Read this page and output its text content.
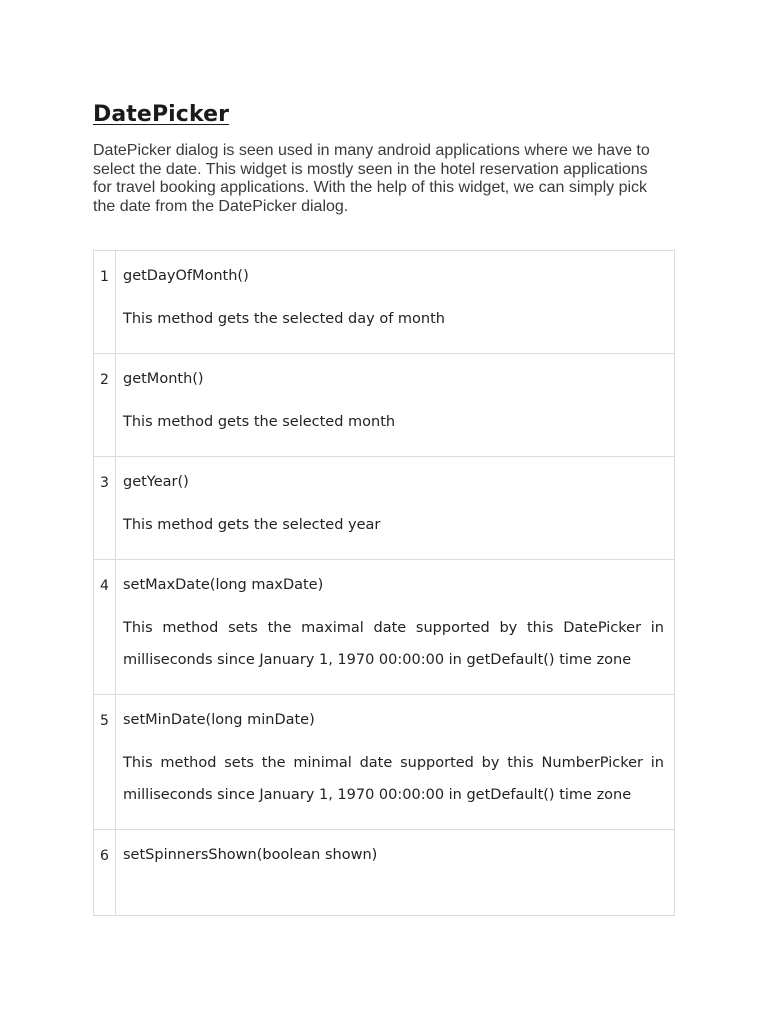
DatePicker

DatePicker dialog is seen used in many android applications where we have to select the date. This widget is mostly seen in the hotel reservation applications for travel booking applications. With the help of this widget, we can simply pick the date from the DatePicker dialog.

1	getDayOfMonth()

This method gets the selected day of month

2	getMonth()

This method gets the selected month

3	getYear()

This method gets the selected year

4	setMaxDate(long maxDate)

This method sets the maximal date supported by this DatePicker in milliseconds since January 1, 1970 00:00:00 in getDefault() time zone

5	setMinDate(long minDate)

This method sets the minimal date supported by this NumberPicker in milliseconds since January 1, 1970 00:00:00 in getDefault() time zone

6	setSpinnersShown(boolean shown)
